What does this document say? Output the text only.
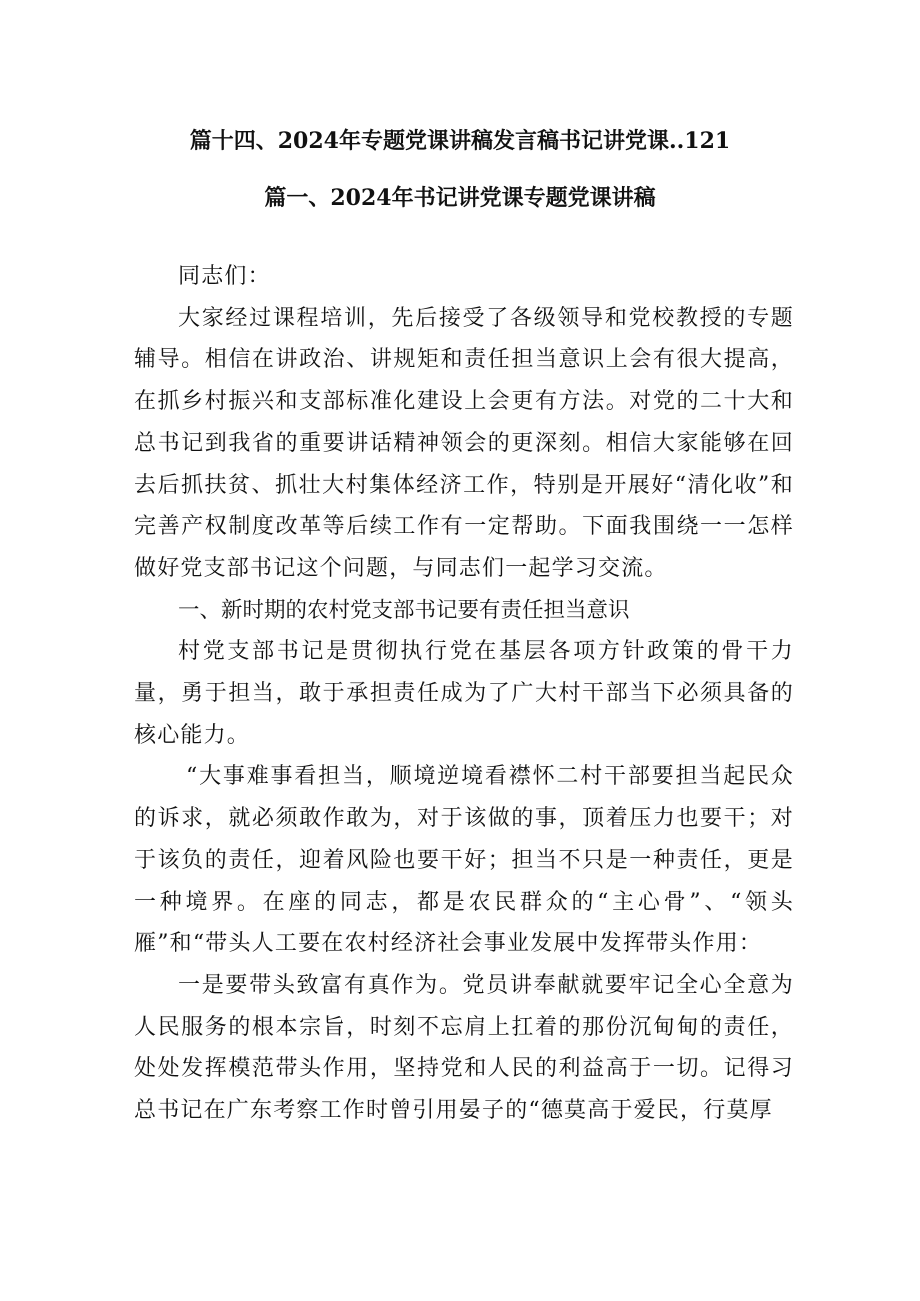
篇十四、2024年专题党课讲稿发言稿书记讲党课..121
篇一、2024年书记讲党课专题党课讲稿

同志们：

大家经过课程培训，先后接受了各级领导和党校教授的专题辅导。相信在讲政治、讲规矩和责任担当意识上会有很大提高，在抓乡村振兴和支部标准化建设上会更有方法。对党的二十大和总书记到我省的重要讲话精神领会的更深刻。相信大家能够在回去后抓扶贫、抓壮大村集体经济工作，特别是开展好“清化收”和完善产权制度改革等后续工作有一定帮助。下面我围绕一一怎样做好党支部书记这个问题，与同志们一起学习交流。

一、新时期的农村党支部书记要有责任担当意识

村党支部书记是贯彻执行党在基层各项方针政策的骨干力量，勇于担当，敢于承担责任成为了广大村干部当下必须具备的核心能力。

“大事难事看担当，顺境逆境看襟怀二村干部要担当起民众的诉求，就必须敢作敢为，对于该做的事，顶着压力也要干；对于该负的责任，迎着风险也要干好；担当不只是一种责任，更是一种境界。在座的同志，都是农民群众的“主心骨”、“领头雁”和“带头人工要在农村经济社会事业发展中发挥带头作用：

一是要带头致富有真作为。党员讲奉献就要牢记全心全意为人民服务的根本宗旨，时刻不忘肩上扛着的那份沉甸甸的责任，处处发挥模范带头作用，坚持党和人民的利益高于一切。记得习总书记在广东考察工作时曾引用晏子的“德莫高于爱民，行莫厚
